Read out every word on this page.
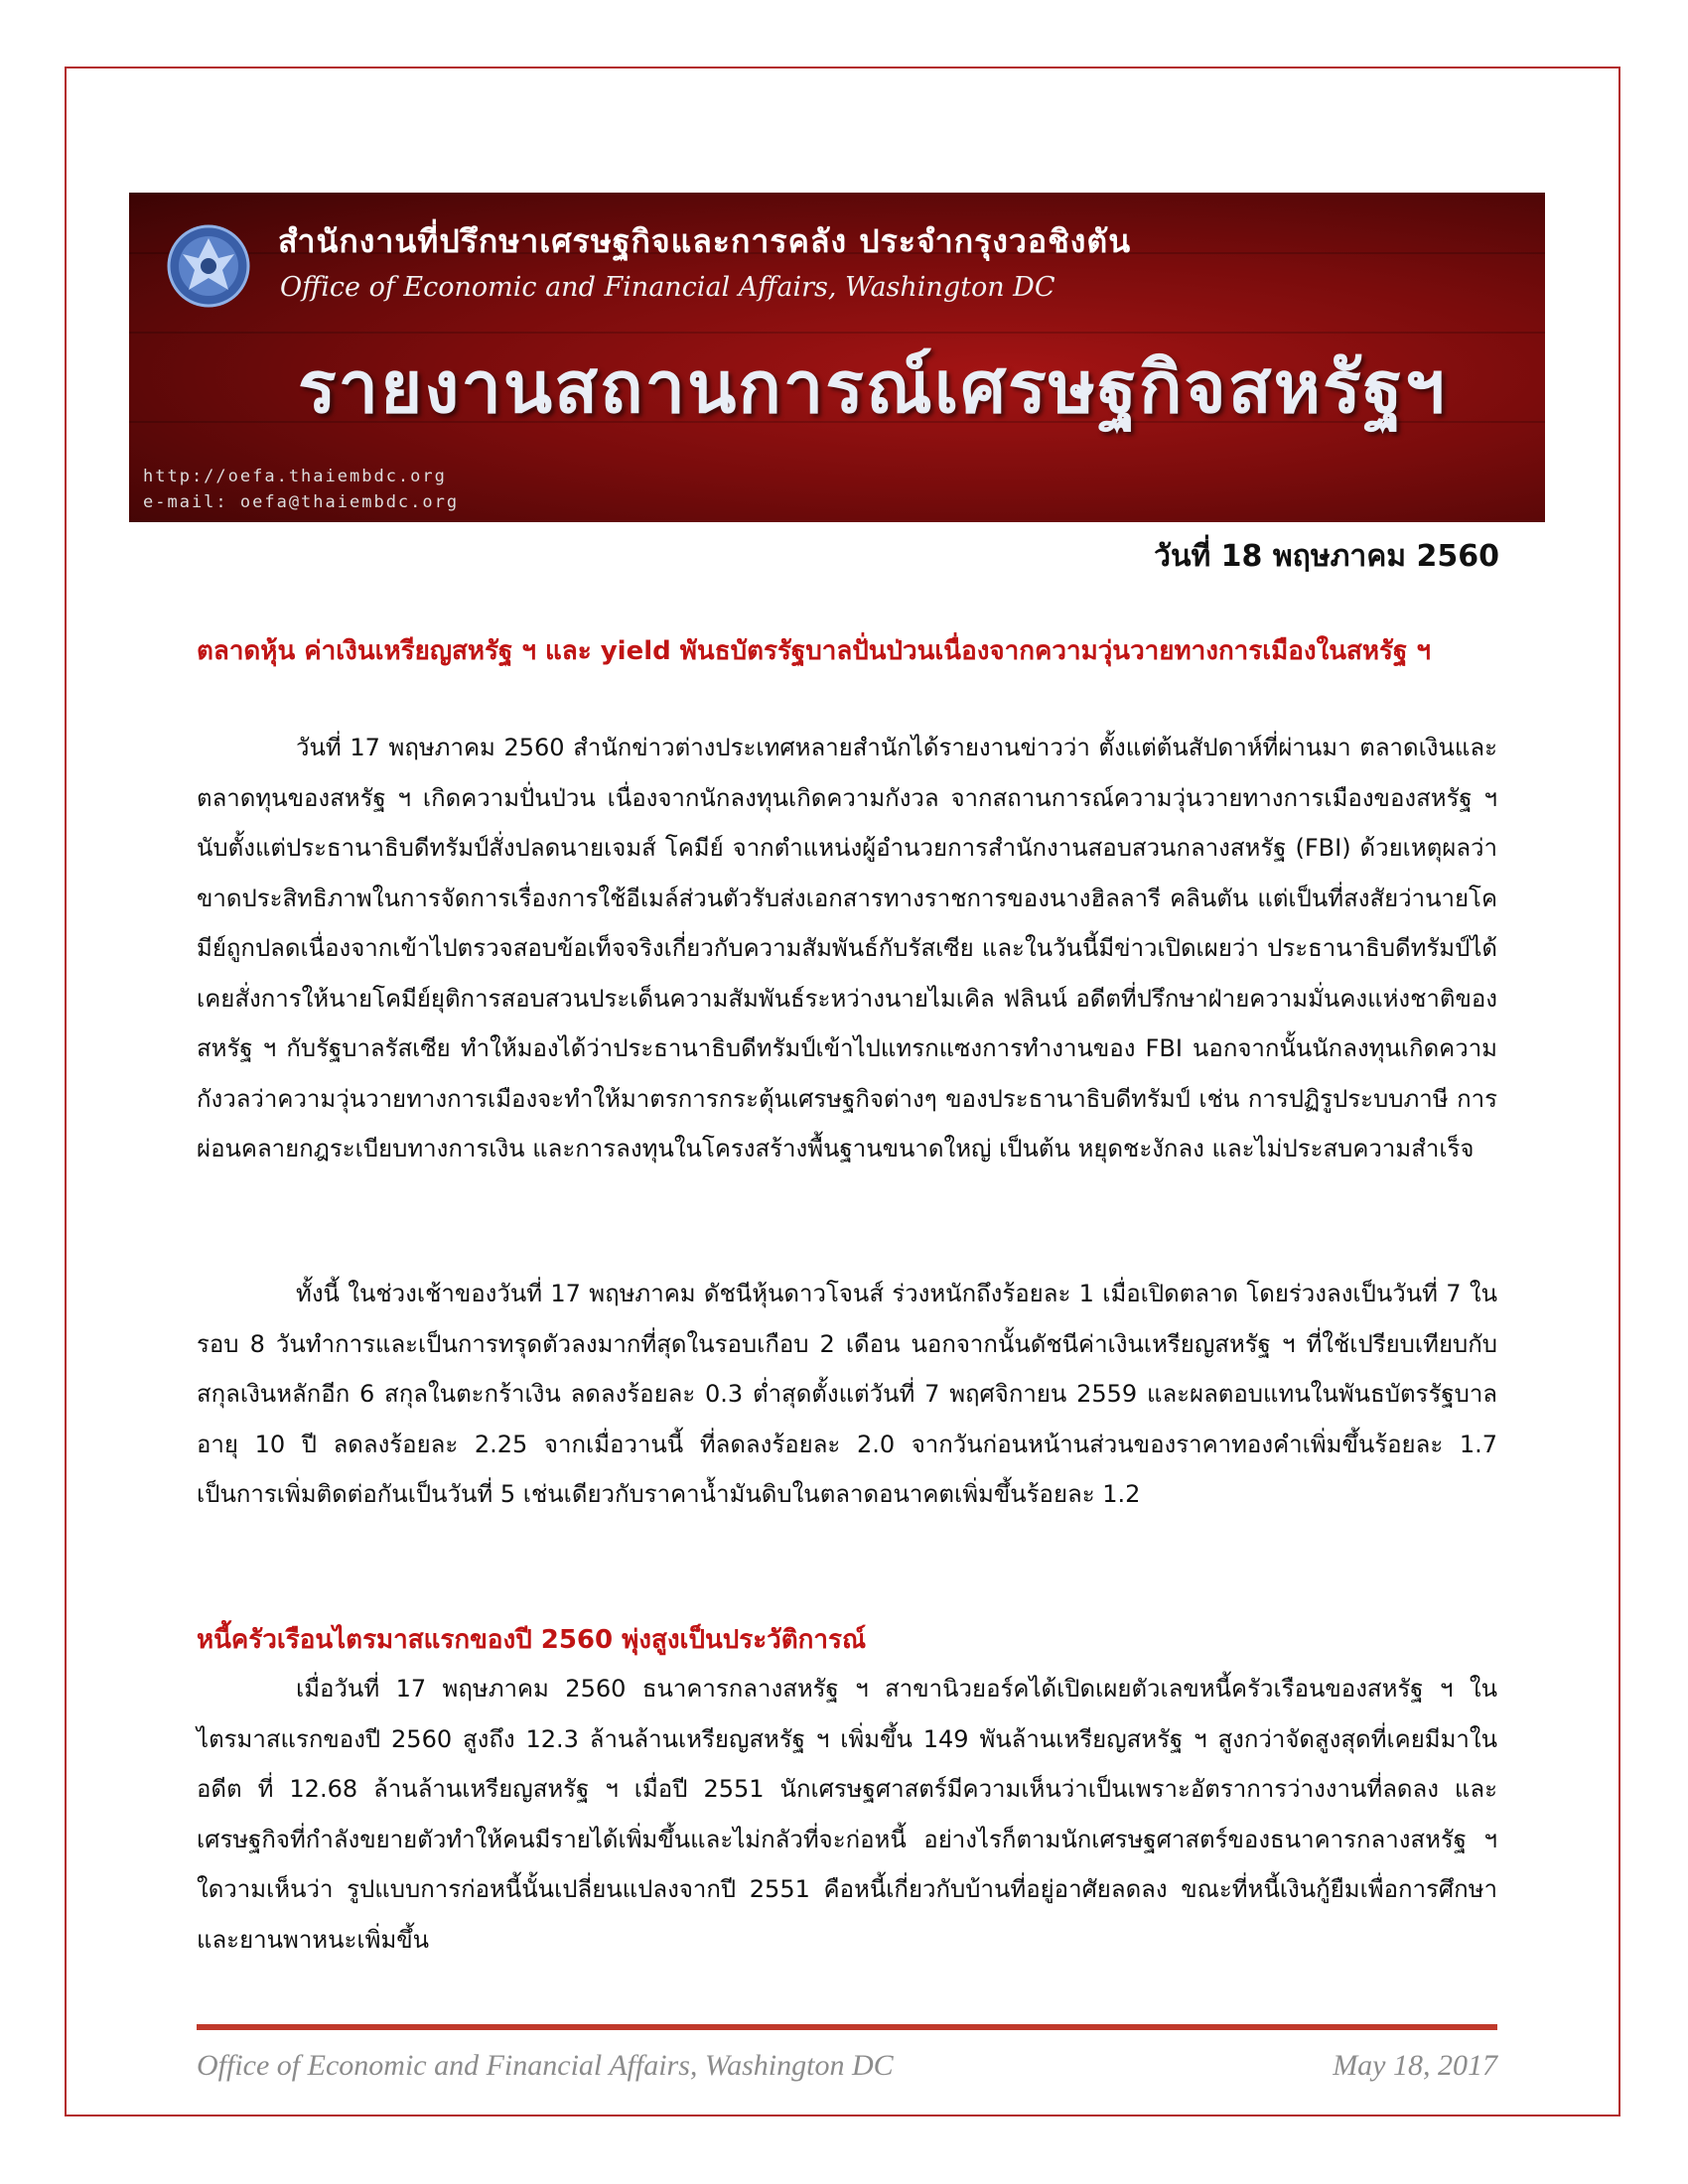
สำนักงานที่ปรึกษาเศรษฐกิจและการคลัง ประจำกรุงวอชิงตัน
Office of Economic and Financial Affairs, Washington DC
รายงานสถานการณ์เศรษฐกิจสหรัฐฯ
http://oefa.thaiembdc.org
e-mail: oefa@thaiembdc.org
วันที่ 18 พฤษภาคม 2560
ตลาดหุ้น ค่าเงินเหรียญสหรัฐ ฯ และ yield พันธบัตรรัฐบาลปั่นป่วนเนื่องจากความวุ่นวายทางการเมืองในสหรัฐ ฯ

วันที่ 17 พฤษภาคม 2560 สำนักข่าวต่างประเทศหลายสำนักได้รายงานข่าวว่า ตั้งแต่ต้นสัปดาห์ที่ผ่านมา ตลาดเงินและตลาดทุนของสหรัฐ ฯ เกิดความปั่นป่วน เนื่องจากนักลงทุนเกิดความกังวล จากสถานการณ์ความวุ่นวายทางการเมืองของสหรัฐ ฯ นับตั้งแต่ประธานาธิบดีทรัมป์สั่งปลดนายเจมส์ โคมีย์ จากตำแหน่งผู้อำนวยการสำนักงานสอบสวนกลางสหรัฐ (FBI) ด้วยเหตุผลว่า ขาดประสิทธิภาพในการจัดการเรื่องการใช้อีเมล์ส่วนตัวรับส่งเอกสารทางราชการของนางฮิลลารี คลินตัน แต่เป็นที่สงสัยว่านายโคมีย์ถูกปลดเนื่องจากเข้าไปตรวจสอบข้อเท็จจริงเกี่ยวกับความสัมพันธ์กับรัสเซีย และในวันนี้มีข่าวเปิดเผยว่า ประธานาธิบดีทรัมป์ได้เคยสั่งการให้นายโคมีย์ยุติการสอบสวนประเด็นความสัมพันธ์ระหว่างนายไมเคิล ฟลินน์ อดีตที่ปรึกษาฝ่ายความมั่นคงแห่งชาติของสหรัฐ ฯ กับรัฐบาลรัสเซีย ทำให้มองได้ว่าประธานาธิบดีทรัมป์เข้าไปแทรกแซงการทำงานของ FBI นอกจากนั้นนักลงทุนเกิดความกังวลว่าความวุ่นวายทางการเมืองจะทำให้มาตรการกระตุ้นเศรษฐกิจต่างๆ ของประธานาธิบดีทรัมป์ เช่น การปฏิรูประบบภาษี การผ่อนคลายกฎระเบียบทางการเงิน และการลงทุนในโครงสร้างพื้นฐานขนาดใหญ่ เป็นต้น หยุดชะงักลง และไม่ประสบความสำเร็จ

ทั้งนี้ ในช่วงเช้าของวันที่ 17 พฤษภาคม ดัชนีหุ้นดาวโจนส์ ร่วงหนักถึงร้อยละ 1 เมื่อเปิดตลาด โดยร่วงลงเป็นวันที่ 7 ในรอบ 8 วันทำการและเป็นการทรุดตัวลงมากที่สุดในรอบเกือบ 2 เดือน นอกจากนั้นดัชนีค่าเงินเหรียญสหรัฐ ฯ ที่ใช้เปรียบเทียบกับสกุลเงินหลักอีก 6 สกุลในตะกร้าเงิน ลดลงร้อยละ 0.3 ต่ำสุดตั้งแต่วันที่ 7 พฤศจิกายน 2559 และผลตอบแทนในพันธบัตรรัฐบาลอายุ 10 ปี ลดลงร้อยละ 2.25 จากเมื่อวานนี้ ที่ลดลงร้อยละ 2.0 จากวันก่อนหน้านส่วนของราคาทองคำเพิ่มขึ้นร้อยละ 1.7 เป็นการเพิ่มติดต่อกันเป็นวันที่ 5 เช่นเดียวกับราคาน้ำมันดิบในตลาดอนาคตเพิ่มขึ้นร้อยละ 1.2

หนี้ครัวเรือนไตรมาสแรกของปี 2560 พุ่งสูงเป็นประวัติการณ์

เมื่อวันที่ 17 พฤษภาคม 2560 ธนาคารกลางสหรัฐ ฯ สาขานิวยอร์คได้เปิดเผยตัวเลขหนี้ครัวเรือนของสหรัฐ ฯ ในไตรมาสแรกของปี 2560 สูงถึง 12.3 ล้านล้านเหรียญสหรัฐ ฯ เพิ่มขึ้น 149 พันล้านเหรียญสหรัฐ ฯ สูงกว่าจัดสูงสุดที่เคยมีมาในอดีต ที่ 12.68 ล้านล้านเหรียญสหรัฐ ฯ เมื่อปี 2551 นักเศรษฐศาสตร์มีความเห็นว่าเป็นเพราะอัตราการว่างงานที่ลดลง และเศรษฐกิจที่กำลังขยายตัวทำให้คนมีรายได้เพิ่มขึ้นและไม่กลัวที่จะก่อหนี้ อย่างไรก็ตามนักเศรษฐศาสตร์ของธนาคารกลางสหรัฐ ฯ ใดวามเห็นว่า รูปแบบการก่อหนี้นั้นเปลี่ยนแปลงจากปี 2551 คือหนี้เกี่ยวกับบ้านที่อยู่อาศัยลดลง ขณะที่หนี้เงินกู้ยืมเพื่อการศึกษา และยานพาหนะเพิ่มขึ้น

Office of Economic and Financial Affairs, Washington DC	May 18, 2017
